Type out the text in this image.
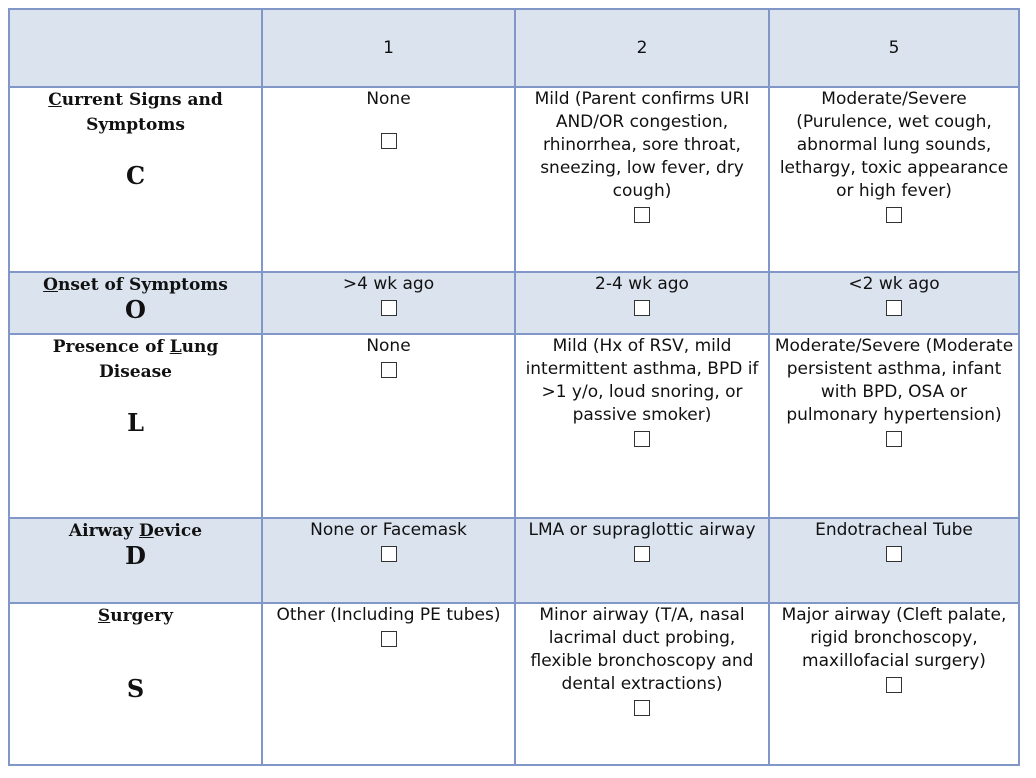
	1	2	5

Current Signs and Symptoms
C	None	Mild (Parent confirms URI AND/OR congestion, rhinorrhea, sore throat, sneezing, low fever, dry cough)	Moderate/Severe (Purulence, wet cough, abnormal lung sounds, lethargy, toxic appearance or high fever)

Onset of Symptoms
O	>4 wk ago	2-4 wk ago	<2 wk ago

Presence of Lung Disease
L	None	Mild (Hx of RSV, mild intermittent asthma, BPD if >1 y/o, loud snoring, or passive smoker)	Moderate/Severe (Moderate persistent asthma, infant with BPD, OSA or pulmonary hypertension)

Airway Device
D	None or Facemask	LMA or supraglottic airway	Endotracheal Tube

Surgery
S	Other (Including PE tubes)	Minor airway (T/A, nasal lacrimal duct probing, flexible bronchoscopy and dental extractions)	Major airway (Cleft palate, rigid bronchoscopy, maxillofacial surgery)
